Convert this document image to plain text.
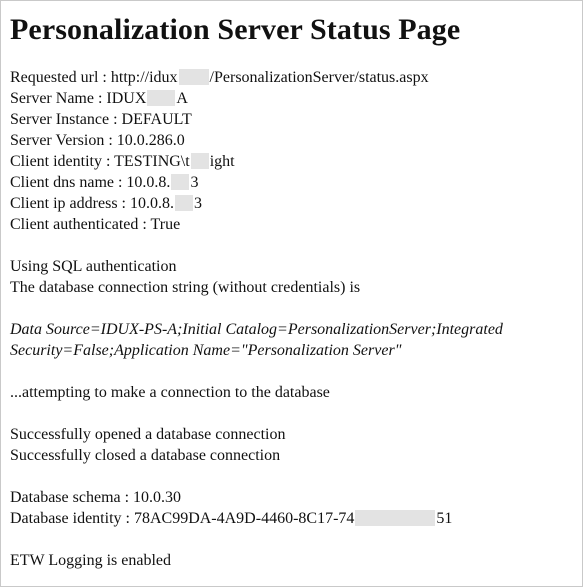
Personalization Server Status Page
Requested url : http://idux /PersonalizationServer/status.aspx
Server Name : IDUX A
Server Instance : DEFAULT
Server Version : 10.0.286.0
Client identity : TESTING\t ight
Client dns name : 10.0.8. 3
Client ip address : 10.0.8. 3
Client authenticated : True
Using SQL authentication
The database connection string (without credentials) is
Data Source=IDUX-PS-A;Initial Catalog=PersonalizationServer;Integrated Security=False;Application Name="Personalization Server"
...attempting to make a connection to the database
Successfully opened a database connection
Successfully closed a database connection
Database schema : 10.0.30
Database identity : 78AC99DA-4A9D-4460-8C17-74	51
ETW Logging is enabled
